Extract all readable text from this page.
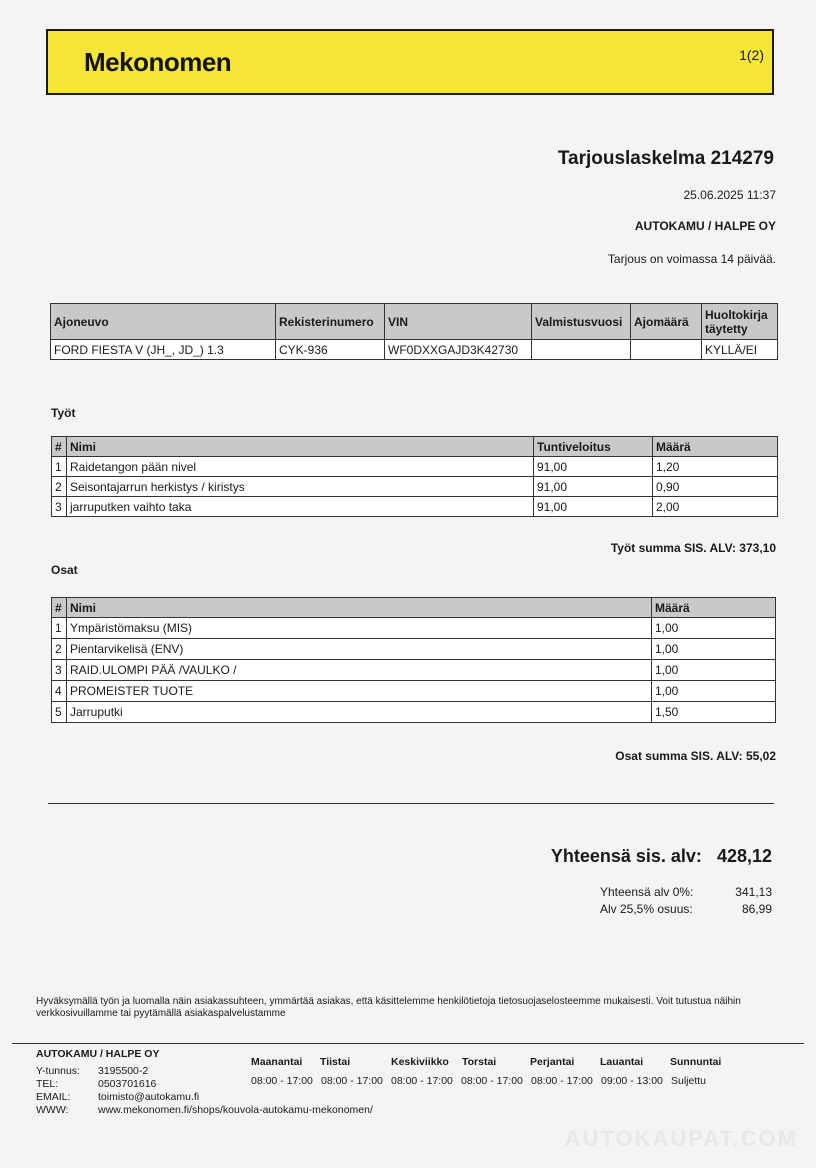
Mekonomen	1(2)
Tarjouslaskelma 214279
25.06.2025 11:37
AUTOKAMU / HALPE OY
Tarjous on voimassa 14 päivää.
Ajoneuvo	Rekisterinumero	VIN	Valmistusvuosi	Ajomäärä	Huoltokirja täytetty
FORD FIESTA V (JH_, JD_) 1.3	CYK-936	WF0DXXGAJD3K42730			KYLLÄ/EI
Työt
#	Nimi	Tuntiveloitus	Määrä
1	Raidetangon pään nivel	91,00	1,20
2	Seisontajarrun herkistys / kiristys	91,00	0,90
3	jarruputken vaihto taka	91,00	2,00
Työt summa SIS. ALV: 373,10
Osat
#	Nimi	Määrä
1	Ympäristömaksu (MIS)	1,00
2	Pientarvikelisä (ENV)	1,00
3	RAID.ULOMPI PÄÄ /VAULKO /	1,00
4	PROMEISTER TUOTE	1,00
5	Jarruputki	1,50
Osat summa SIS. ALV: 55,02
Yhteensä sis. alv: 428,12
Yhteensä alv 0%:	341,13
Alv 25,5% osuus:	86,99
Hyväksymällä työn ja luomalla näin asiakassuhteen, ymmärtää asiakas, että käsittelemme henkilötietoja tietosuojaselosteemme mukaisesti. Voit tutustua näihin verkkosivuillamme tai pyytämällä asiakaspalvelustamme
AUTOKAMU / HALPE OY
Y-tunnus: 3195500-2
TEL:	0503701616
EMAIL:	toimisto@autokamu.fi
WWW:	www.mekonomen.fi/shops/kouvola-autokamu-mekonomen/
Maanantai Tiistai	Keskiviikko Torstai	Perjantai Lauantai	Sunnuntai
08:00 - 17:00 08:00 - 17:00 08:00 - 17:00 08:00 - 17:00 08:00 - 17:00 09:00 - 13:00 Suljettu
AUTOKAUPAT.COM
